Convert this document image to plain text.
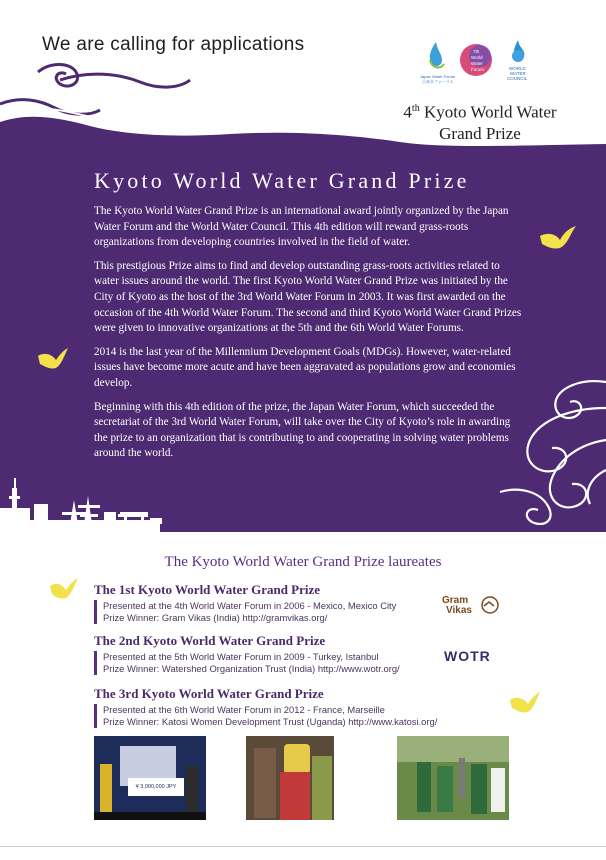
We are calling for applications
Japan Water Forum
日本水フォーラム
7th
World
Water
Forum	WORLD
WATER
COUNCIL
4th Kyoto World Water
Grand Prize
Kyoto World Water Grand Prize

The Kyoto World Water Grand Prize is an international award jointly organized by the Japan Water Forum and the World Water Council. This 4th edition will reward grass-roots organizations from developing countries involved in the field of water.

This prestigious Prize aims to find and develop outstanding grass-roots activities related to water issues around the world. The first Kyoto World Water Grand Prize was initiated by the City of Kyoto as the host of the 3rd World Water Forum in 2003. It was first awarded on the occasion of the 4th World Water Forum. The second and third Kyoto World Water Grand Prizes were given to innovative organizations at the 5th and the 6th World Water Forums.

2014 is the last year of the Millennium Development Goals (MDGs). However, water-related issues have become more acute and have been aggravated as populations grow and economies develop.

Beginning with this 4th edition of the prize, the Japan Water Forum, which succeeded the secretariat of the 3rd World Water Forum, will take over the City of Kyoto’s role in awarding the prize to an organization that is contributing to and cooperating in solving water problems around the world.

The Kyoto World Water Grand Prize laureates
The 1st Kyoto World Water Grand Prize
Presented at the 4th World Water Forum in 2006 - Mexico, Mexico City
Prize Winner: Gram Vikas (India) http://gramvikas.org/
Gram
Vikas
The 2nd Kyoto World Water Grand Prize
Presented at the 5th World Water Forum in 2009 - Turkey, Istanbul
Prize Winner: Watershed Organization Trust (India) http://www.wotr.org/
WOTR
The 3rd Kyoto World Water Grand Prize
Presented at the 6th World Water Forum in 2012 - France, Marseille
Prize Winner: Katosi Women Development Trust (Uganda) http://www.katosi.org/
¥ 3,000,000 JPY
